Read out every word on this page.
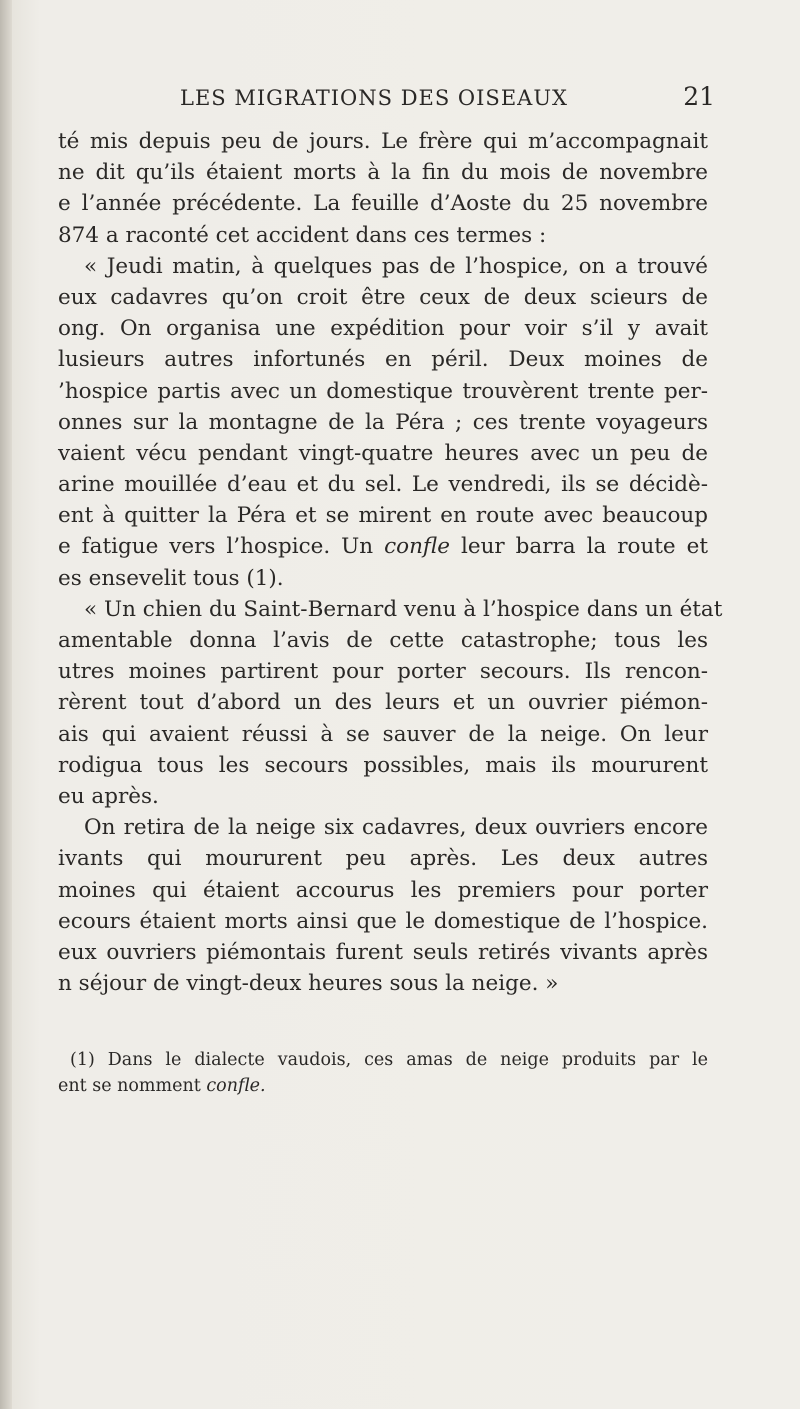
LES MIGRATIONS DES OISEAUX	21
té mis depuis peu de jours. Le frère qui m’accompagnait
ne dit qu’ils étaient morts à la fin du mois de novembre
e l’année précédente. La feuille d’Aoste du 25 novembre
874 a raconté cet accident dans ces termes :
« Jeudi matin, à quelques pas de l’hospice, on a trouvé
eux cadavres qu’on croit être ceux de deux scieurs de
ong. On organisa une expédition pour voir s’il y avait
lusieurs autres infortunés en péril. Deux moines de
’hospice partis avec un domestique trouvèrent trente per-
onnes sur la montagne de la Péra ; ces trente voyageurs
vaient vécu pendant vingt-quatre heures avec un peu de
arine mouillée d’eau et du sel. Le vendredi, ils se décidè-
ent à quitter la Péra et se mirent en route avec beaucoup
e fatigue vers l’hospice. Un conﬂe leur barra la route et
es ensevelit tous (1).
« Un chien du Saint-Bernard venu à l’hospice dans un état
amentable donna l’avis de cette catastrophe; tous les
utres moines partirent pour porter secours. Ils rencon-
rèrent tout d’abord un des leurs et un ouvrier piémon-
ais qui avaient réussi à se sauver de la neige. On leur
rodigua tous les secours possibles, mais ils moururent
eu après.
On retira de la neige six cadavres, deux ouvriers encore
ivants qui moururent peu après. Les deux autres
moines qui étaient accourus les premiers pour porter
ecours étaient morts ainsi que le domestique de l’hospice.
eux ouvriers piémontais furent seuls retirés vivants après
n séjour de vingt-deux heures sous la neige. »
(1) Dans le dialecte vaudois, ces amas de neige produits par le
ent se nomment conﬂe.
